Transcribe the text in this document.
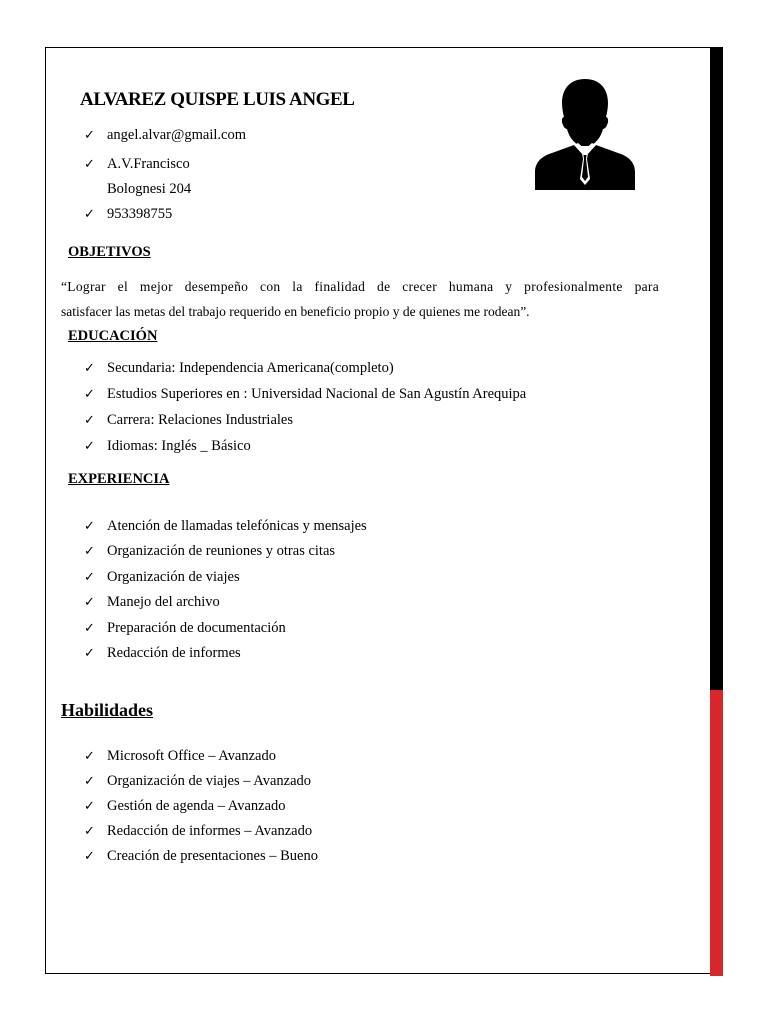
ALVAREZ QUISPE LUIS ANGEL
✓ angel.alvar@gmail.com
✓ A.V.Francisco
Bolognesi 204
✓ 953398755
OBJETIVOS
“Lograr el mejor desempeño con la finalidad de crecer humana y profesionalmente para
satisfacer las metas del trabajo requerido en beneficio propio y de quienes me rodean”.
EDUCACIÓN
✓ Secundaria: Independencia Americana(completo)
✓ Estudios Superiores en : Universidad Nacional de San Agustín Arequipa
✓ Carrera: Relaciones Industriales
✓ Idiomas: Inglés _ Básico
EXPERIENCIA
✓ Atención de llamadas telefónicas y mensajes
✓ Organización de reuniones y otras citas
✓ Organización de viajes
✓ Manejo del archivo
✓ Preparación de documentación
✓ Redacción de informes
Habilidades
✓ Microsoft Office – Avanzado
✓ Organización de viajes – Avanzado
✓ Gestión de agenda – Avanzado
✓ Redacción de informes – Avanzado
✓ Creación de presentaciones – Bueno
